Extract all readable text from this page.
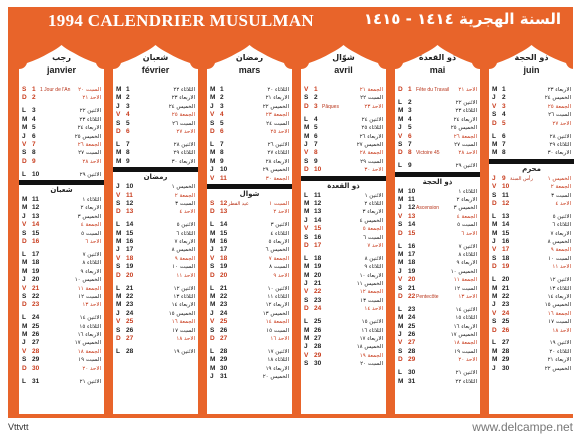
1994 CALENDRIER MUSULMAN	السنة الهجرية ١٤١٤ - ١٤١٥
رجب
janvier
S 1 1 Jour de l'An السبت ٢٠
D 2	الاحد ٢١
L 3	الاثنين ٢٢
M 4	الثلاثاء ٢٣
M 5	الاربعاء ٢٤
J 6	الخميس ٢٥
V 7	الجمعة ٢٦
S 8	السبت ٢٧
D 9	الاحد ٢٨
L 10	الاثنين ٢٩
شعبان
M 11	الثلاثاء ١
M 12	الاربعاء ٢
J 13	الخميس ٣
V 14	الجمعة ٤
S 15	السبت ٥
D 16	الاحد ٦
L 17	الاثنين ٧
M 18	الثلاثاء ٨
M 19	الاربعاء ٩
J 20	الخميس ١٠
V 21	الجمعة ١١
S 22	السبت ١٢
D 23	الاحد ١٣
L 24	الاثنين ١٤
M 25	الثلاثاء ١٥
M 26	الاربعاء ١٦
J 27	الخميس ١٧
V 28	الجمعة ١٨
S 29	السبت ١٩
D 30	الاحد ٢٠
L 31	الاثنين ٢١
شعبان
février
M 1	الثلاثاء ٢٢
M 2	الاربعاء ٢٣
J 3	الخميس ٢٤
V 4	الجمعة ٢٥
S 5	السبت ٢٦
D 6	الاحد ٢٧
L 7	الاثنين ٢٨
M 8	الثلاثاء ٢٩
M 9	الاربعاء ٣٠
رمضان
J 10	الخميس ١
V 11	الجمعة ٢
S 12	السبت ٣
D 13	الاحد ٤
L 14	الاثنين ٥
M 15	الثلاثاء ٦
M 16	الاربعاء ٧
J 17	الخميس ٨
V 18	الجمعة ٩
S 19	السبت ١٠
D 20	الاحد ١١
L 21	الاثنين ١٢
M 22	الثلاثاء ١٣
M 23	الاربعاء ١٤
J 24	الخميس ١٥
V 25	الجمعة ١٦
S 26	السبت ١٧
D 27	الاحد ١٨
L 28	الاثنين ١٩
رمضان
mars
M 1	الثلاثاء ٢٠
M 2	الاربعاء ٢١
J 3	الخميس ٢٢
V 4	الجمعة ٢٣
S 5	السبت ٢٤
D 6	الاحد ٢٥
L 7	الاثنين ٢٦
M 8	الثلاثاء ٢٧
M 9	الاربعاء ٢٨
J 10	الخميس ٢٩
V 11	الجمعة ٣٠
شوال
S 12 عيد الفطر	السبت ١
D 13	الاحد ٢
L 14	الاثنين ٣
M 15	الثلاثاء ٤
M 16	الاربعاء ٥
J 17	الخميس ٦
V 18	الجمعة ٧
S 19	السبت ٨
D 20	الاحد ٩
L 21	الاثنين ١٠
M 22	الثلاثاء ١١
M 23	الاربعاء ١٢
J 24	الخميس ١٣
V 25	الجمعة ١٤
S 26	السبت ١٥
D 27	الاحد ١٦
L 28	الاثنين ١٧
M 29	الثلاثاء ١٨
M 30	الاربعاء ١٩
J 31	الخميس ٢٠
شوّال
avril
V 1	الجمعة ٢١
S 2	السبت ٢٢
D 3 Pâques	الاحد ٢٣
L 4	الاثنين ٢٤
M 5	الثلاثاء ٢٥
M 6	الاربعاء ٢٦
J 7	الخميس ٢٧
V 8	الجمعة ٢٨
S 9	السبت ٢٩
D 10	الاحد ٣٠
ذو القعدة
L 11	الاثنين ١
M 12	الثلاثاء ٢
M 13	الاربعاء ٣
J 14	الخميس ٤
V 15	الجمعة ٥
S 16	السبت ٦
D 17	الاحد ٧
L 18	الاثنين ٨
M 19	الثلاثاء ٩
M 20	الاربعاء ١٠
J 21	الخميس ١١
V 22	الجمعة ١٢
S 23	السبت ١٣
D 24	الاحد ١٤
L 25	الاثنين ١٥
M 26	الثلاثاء ١٦
M 27	الاربعاء ١٧
J 28	الخميس ١٨
V 29	الجمعة ١٩
S 30	السبت ٢٠
ذو القعدة
mai
D 1 Fête du Travail الاحد ٢١
L 2	الاثنين ٢٢
M 3	الثلاثاء ٢٣
M 4	الاربعاء ٢٤
J 5	الخميس ٢٥
V 6	الجمعة ٢٦
S 7	السبت ٢٧
D 8 Victoire 45	الاحد ٢٨
L 9	الاثنين ٢٩
ذو الحجة
M 10	الثلاثاء ١
M 11	الاربعاء ٢
J 12 Ascension	الخميس ٣
V 13	الجمعة ٤
S 14	السبت ٥
D 15	الاحد ٦
L 16	الاثنين ٧
M 17	الثلاثاء ٨
M 18	الاربعاء ٩
J 19	الخميس ١٠
V 20	الجمعة ١١
S 21	السبت ١٢
D 22 Pentecôte	الاحد ١٣
L 23	الاثنين ١٤
M 24	الثلاثاء ١٥
M 25	الاربعاء ١٦
J 26	الخميس ١٧
V 27	الجمعة ١٨
S 28	السبت ١٩
D 29	الاحد ٢٠
L 30	الاثنين ٢١
M 31	الثلاثاء ٢٢
ذو الحجة
juin
M 1	الاربعاء ٢٣
J 2	الخميس ٢٤
V 3	الجمعة ٢٥
S 4	السبت ٢٦
D 5	الاحد ٢٧
L 6	الاثنين ٢٨
M 7	الثلاثاء ٢٩
M 8	الاربعاء ٣٠
محرم
J 9 رأس السنة	الخميس ١
V 10	الجمعة ٢
S 11	السبت ٣
D 12	الاحد ٤
L 13	الاثنين ٥
M 14	الثلاثاء ٦
M 15	الاربعاء ٧
J 16	الخميس ٨
V 17	الجمعة ٩
S 18	السبت ١٠
D 19	الاحد ١١
L 20	الاثنين ١٢
M 21	الثلاثاء ١٣
M 22	الاربعاء ١٤
J 23	الخميس ١٥
V 24	الجمعة ١٦
S 25	السبت ١٧
D 26	الاحد ١٨
L 27	الاثنين ١٩
M 28	الثلاثاء ٢٠
M 29	الاربعاء ٢١
J 30	الخميس ٢٢
Vttvtt	www.delcampe.net
